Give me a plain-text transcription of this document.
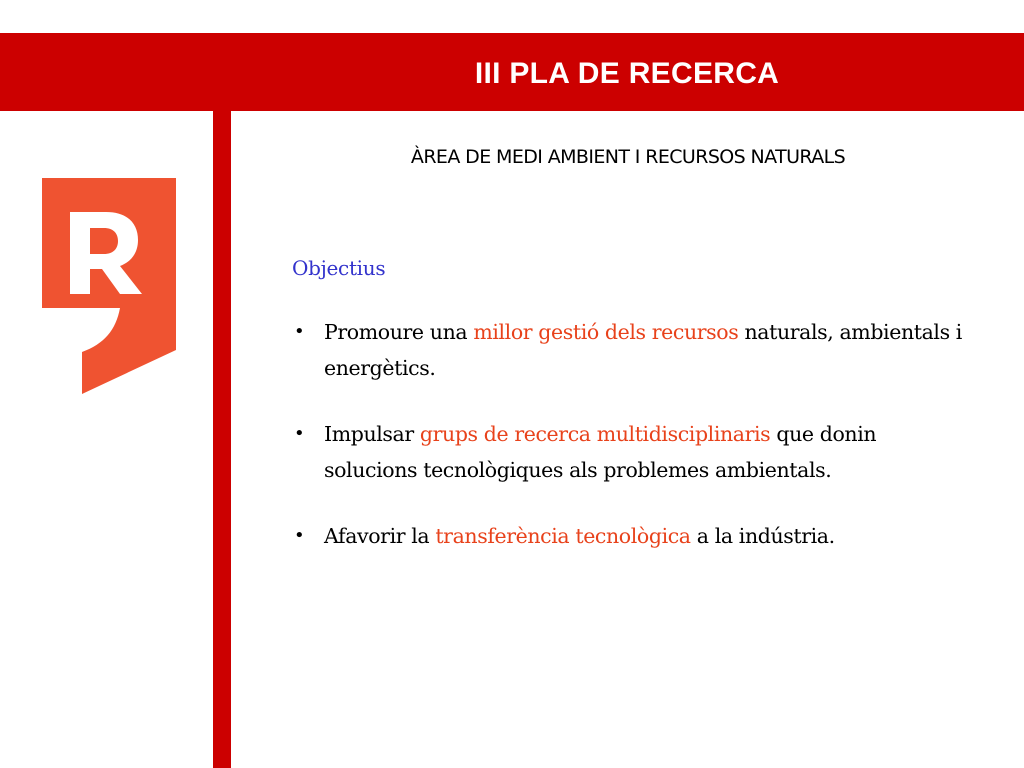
III PLA DE RECERCA
ÀREA DE MEDI AMBIENT I RECURSOS NATURALS
Objectius
• Promoure una millor gestió dels recursos naturals, ambientals i energètics.
• Impulsar grups de recerca multidisciplinaris que donin solucions tecnològiques als problemes ambientals.
• Afavorir la transferència tecnològica a la indústria.
